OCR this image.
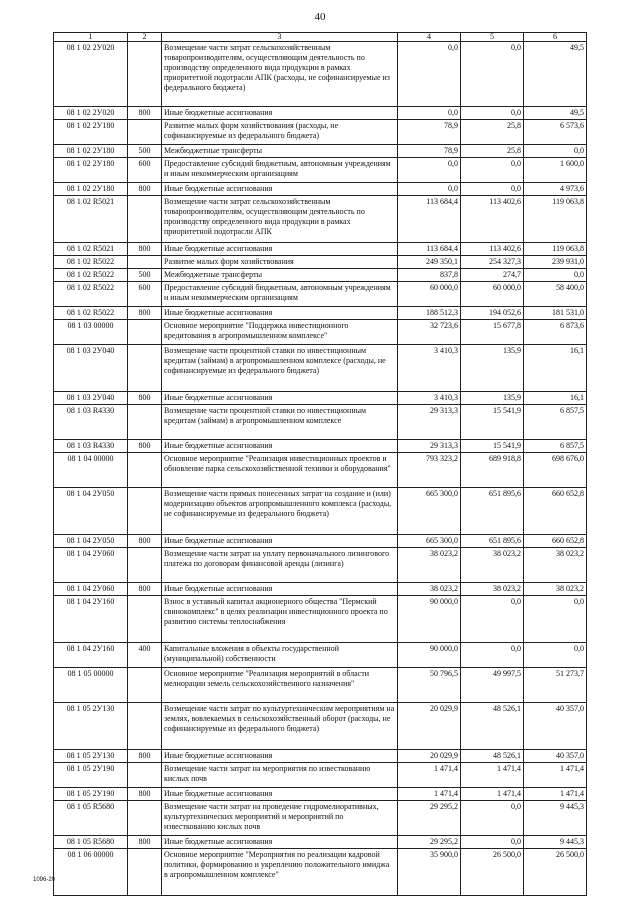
40
1	2	3	4	5	6
08 1 02 2У020		Возмещение части затрат сельскохозяйственным товаропроизводителям, осуществляющим деятельность по производству определенного вида продукции в рамках приоритетной подотрасли АПК (расходы, не софинансируемые из федерального бюджета)	0,0	0,0	49,5
08 1 02 2У020	800	Иные бюджетные ассигнования	0,0	0,0	49,5
08 1 02 2У180		Развитие малых форм хозяйствования (расходы, не софинансируемые из федерального бюджета)	78,9	25,8	6 573,6
08 1 02 2У180	500	Межбюджетные трансферты	78,9	25,8	0,0
08 1 02 2У180	600	Предоставление субсидий бюджетным, автономным учреждениям и иным некоммерческим организациям	0,0	0,0	1 600,0
08 1 02 2У180	800	Иные бюджетные ассигнования	0,0	0,0	4 973,6
08 1 02 R5021		Возмещение части затрат сельскохозяйственным товаропроизводителям, осуществляющим деятельность по производству определенного вида продукции в рамках приоритетной подотрасли АПК	113 684,4	113 402,6	119 063,8
08 1 02 R5021	800	Иные бюджетные ассигнования	113 684,4	113 402,6	119 063,8
08 1 02 R5022		Развитие малых форм хозяйствования	249 350,1	254 327,3	239 931,0
08 1 02 R5022	500	Межбюджетные трансферты	837,8	274,7	0,0
08 1 02 R5022	600	Предоставление субсидий бюджетным, автономным учреждениям и иным некоммерческим организациям	60 000,0	60 000,0	58 400,0
08 1 02 R5022	800	Иные бюджетные ассигнования	188 512,3	194 052,6	181 531,0
08 1 03 00000		Основное мероприятие "Поддержка инвестиционного кредитования в агропромышленном комплексе"	32 723,6	15 677,8	6 873,6
08 1 03 2У040		Возмещение части процентной ставки по инвестиционным кредитам (займам) в агропромышленном комплексе (расходы, не софинансируемые из федерального бюджета)	3 410,3	135,9	16,1
08 1 03 2У040	800	Иные бюджетные ассигнования	3 410,3	135,9	16,1
08 1 03 R4330		Возмещение части процентной ставки по инвестиционным кредитам (займам) в агропромышленном комплексе	29 313,3	15 541,9	6 857,5
08 1 03 R4330	800	Иные бюджетные ассигнования	29 313,3	15 541,9	6 857,5
08 1 04 00000		Основное мероприятие "Реализация инвестиционных проектов и обновление парка сельскохозяйственной техники и оборудования"	793 323,2	689 918,8	698 676,0
08 1 04 2У050		Возмещение части прямых понесенных затрат на создание и (или) модернизацию объектов агропромышленного комплекса (расходы, не софинансируемые из федерального бюджета)	665 300,0	651 895,6	660 652,8
08 1 04 2У050	800	Иные бюджетные ассигнования	665 300,0	651 895,6	660 652,8
08 1 04 2У060		Возмещение части затрат на уплату первоначального лизингового платежа по договорам финансовой аренды (лизинга)	38 023,2	38 023,2	38 023,2
08 1 04 2У060	800	Иные бюджетные ассигнования	38 023,2	38 023,2	38 023,2
08 1 04 2У160		Взнос в уставный капитал акционерного общества "Пермский свинокомплекс" в целях реализации инвестиционного проекта по развитию системы теплоснабжения	90 000,0	0,0	0,0
08 1 04 2У160	400	Капитальные вложения в объекты государственной (муниципальной) собственности	90 000,0	0,0	0,0
08 1 05 00000		Основное мероприятие "Реализация мероприятий в области мелиорации земель сельскохозяйственного назначения"	50 796,5	49 997,5	51 273,7
08 1 05 2У130		Возмещение части затрат по культуртехническим мероприятиям на землях, вовлекаемых в сельскохозяйственный оборот (расходы, не софинансируемые из федерального бюджета)	20 029,9	48 526,1	40 357,0
08 1 05 2У130	800	Иные бюджетные ассигнования	20 029,9	48 526,1	40 357,0
08 1 05 2У190		Возмещение части затрат на мероприятия по известкованию кислых почв	1 471,4	1 471,4	1 471,4
08 1 05 2У190	800	Иные бюджетные ассигнования	1 471,4	1 471,4	1 471,4
08 1 05 R5680		Возмещение части затрат на проведение гидромелиоративных, культуртехнических мероприятий и мероприятий по известкованию кислых почв	29 295,2	0,0	9 445,3
08 1 05 R5680	800	Иные бюджетные ассигнования	29 295,2	0,0	9 445,3
08 1 06 00000		Основное мероприятие "Мероприятия по реализации кадровой политики, формированию и укреплению положительного имиджа в агропромышленном комплексе"	35 900,0	26 500,0	26 500,0
1096-20
